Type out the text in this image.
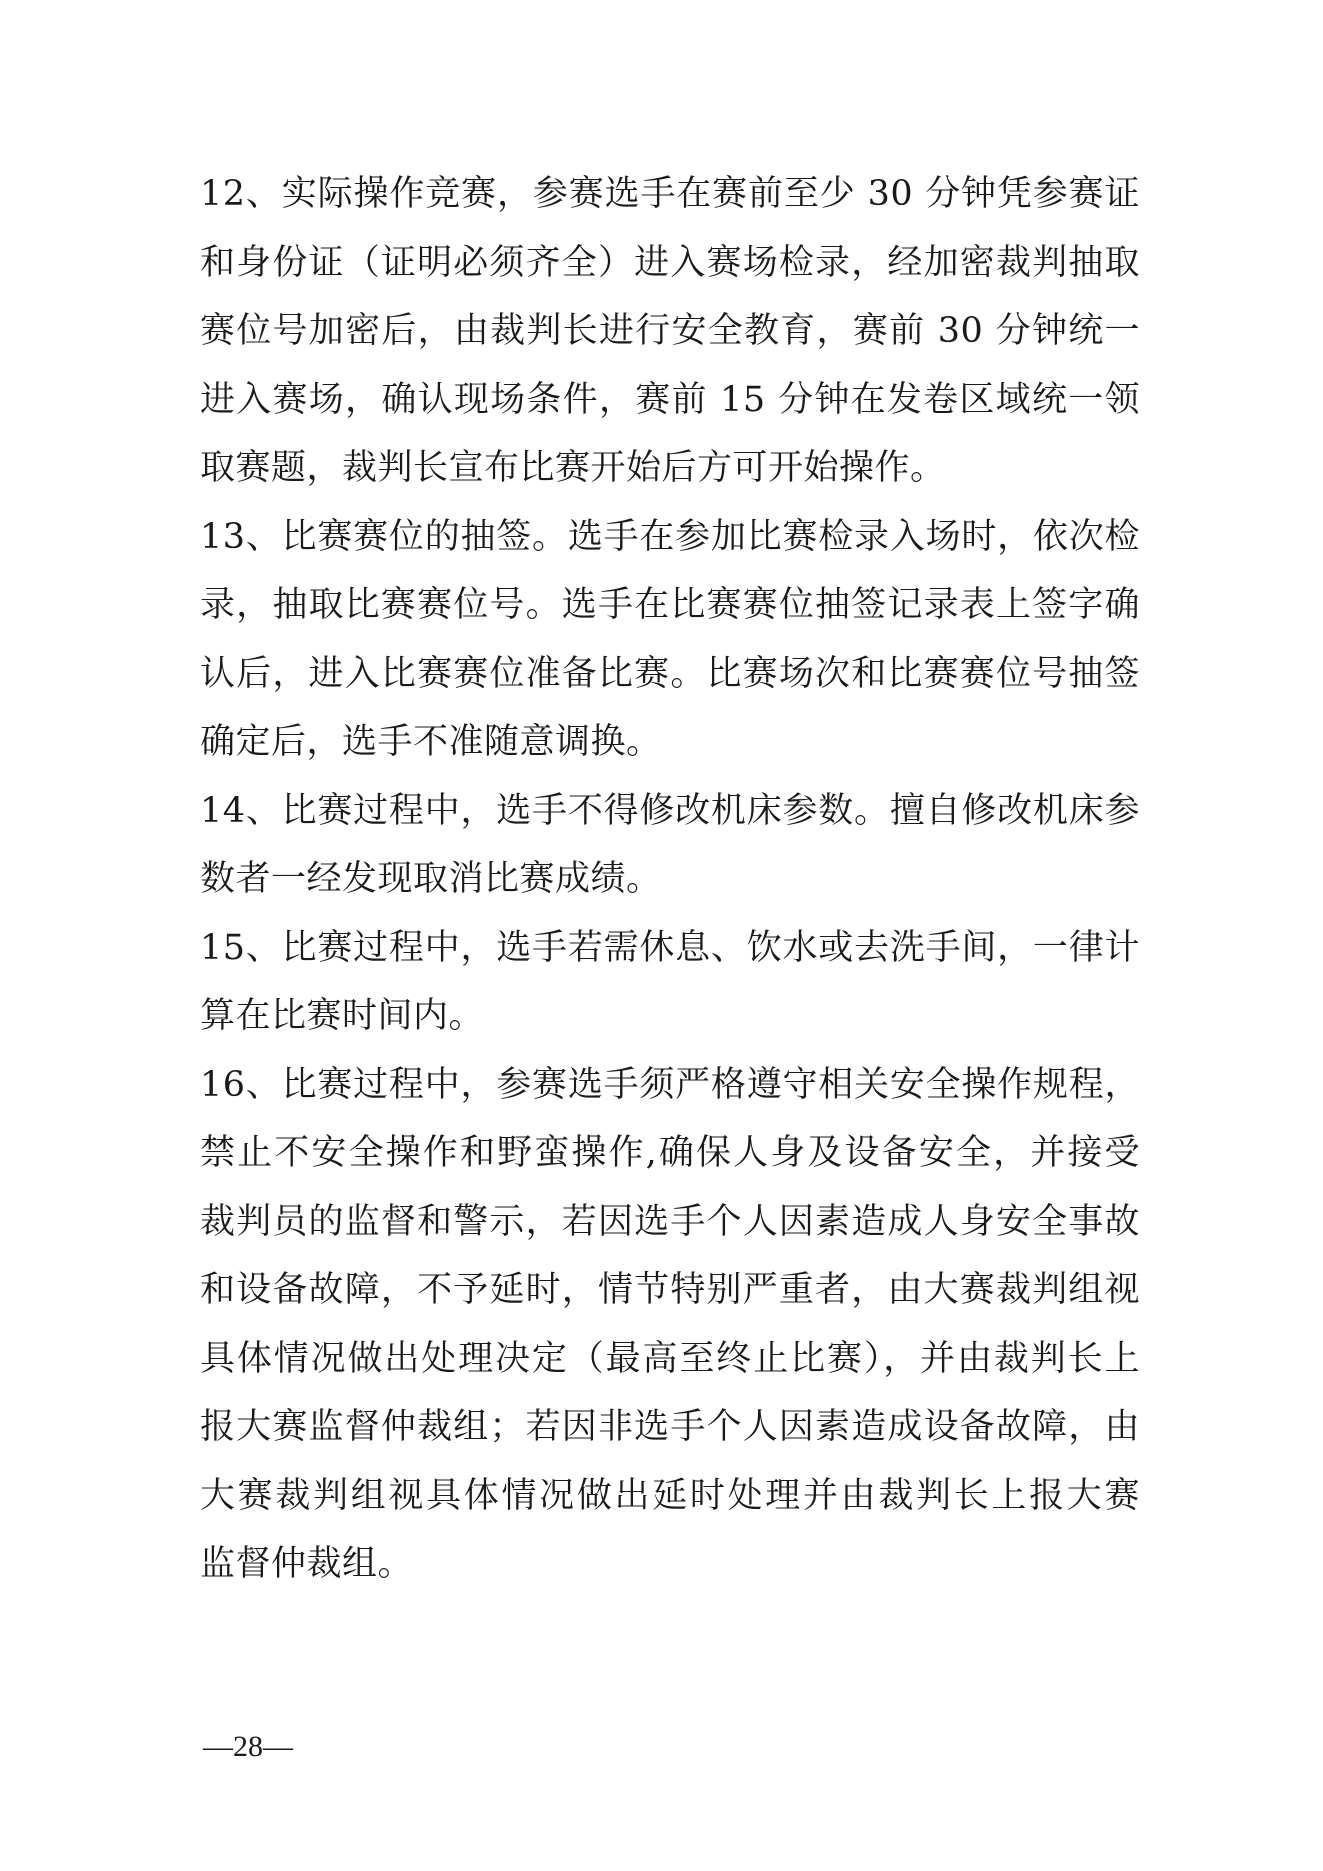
12、实际操作竞赛，参赛选手在赛前至少 30 分钟凭参赛证
和身份证（证明必须齐全）进入赛场检录，经加密裁判抽取
赛位号加密后，由裁判长进行安全教育，赛前 30 分钟统一
进入赛场，确认现场条件，赛前 15 分钟在发卷区域统一领
取赛题，裁判长宣布比赛开始后方可开始操作。
13、比赛赛位的抽签。选手在参加比赛检录入场时，依次检
录，抽取比赛赛位号。选手在比赛赛位抽签记录表上签字确
认后，进入比赛赛位准备比赛。比赛场次和比赛赛位号抽签
确定后，选手不准随意调换。
14、比赛过程中，选手不得修改机床参数。擅自修改机床参
数者一经发现取消比赛成绩。
15、比赛过程中，选手若需休息、饮水或去洗手间，一律计
算在比赛时间内。
16、比赛过程中，参赛选手须严格遵守相关安全操作规程，
禁止不安全操作和野蛮操作,确保人身及设备安全，并接受
裁判员的监督和警示，若因选手个人因素造成人身安全事故
和设备故障，不予延时，情节特别严重者，由大赛裁判组视
具体情况做出处理决定（最高至终止比赛），并由裁判长上
报大赛监督仲裁组；若因非选手个人因素造成设备故障，由
大赛裁判组视具体情况做出延时处理并由裁判长上报大赛
监督仲裁组。
—28—
